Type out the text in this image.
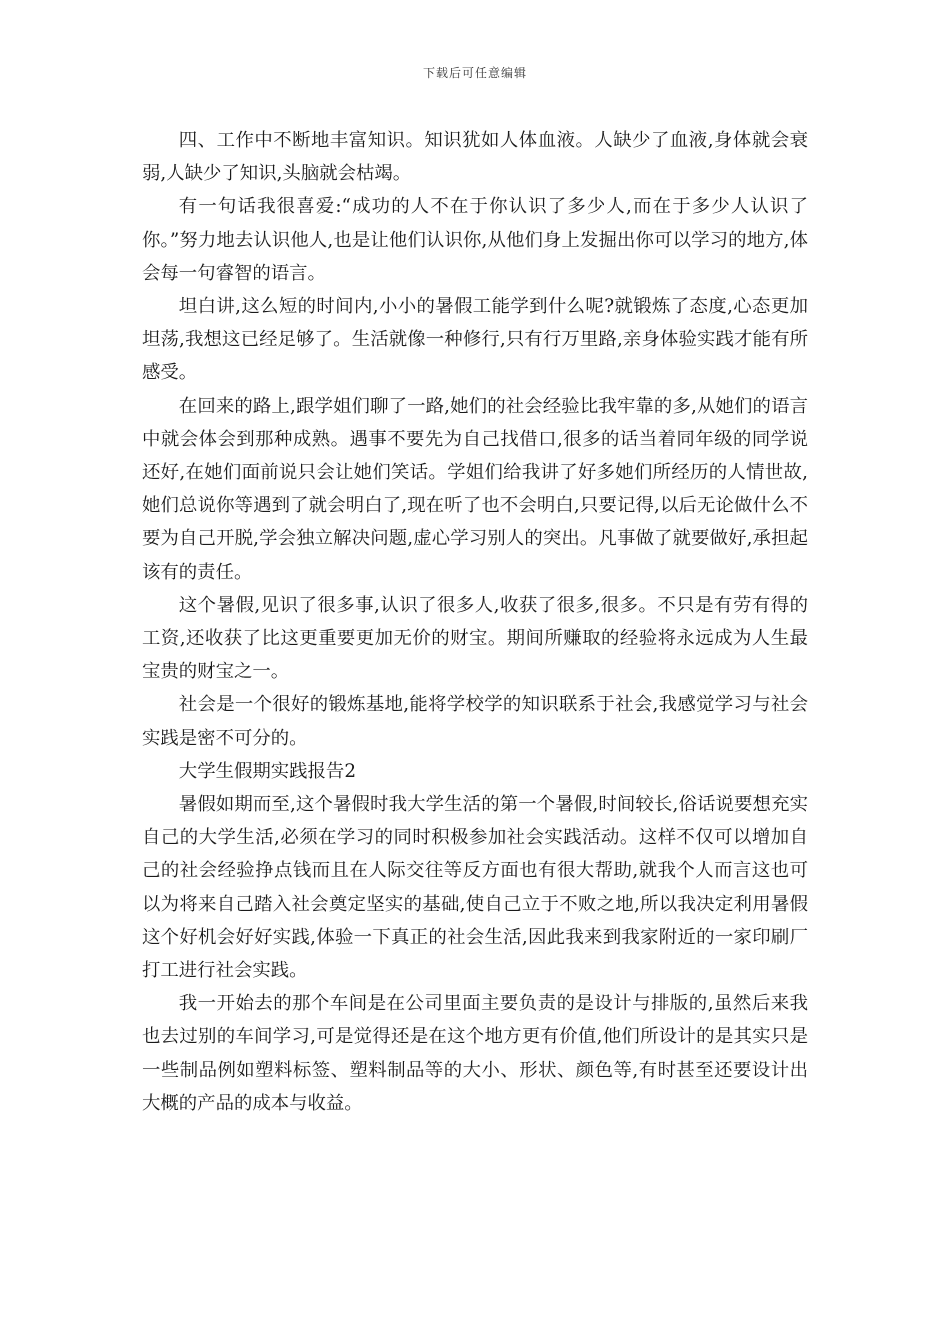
下载后可任意编辑

四、工作中不断地丰富知识。知识犹如人体血液。人缺少了血液,身体就会衰弱,人缺少了知识,头脑就会枯竭。

有一句话我很喜爱:“成功的人不在于你认识了多少人,而在于多少人认识了你。”努力地去认识他人,也是让他们认识你,从他们身上发掘出你可以学习的地方,体会每一句睿智的语言。

坦白讲,这么短的时间内,小小的暑假工能学到什么呢?就锻炼了态度,心态更加坦荡,我想这已经足够了。生活就像一种修行,只有行万里路,亲身体验实践才能有所感受。

在回来的路上,跟学姐们聊了一路,她们的社会经验比我牢靠的多,从她们的语言中就会体会到那种成熟。遇事不要先为自己找借口,很多的话当着同年级的同学说还好,在她们面前说只会让她们笑话。学姐们给我讲了好多她们所经历的人情世故,她们总说你等遇到了就会明白了,现在听了也不会明白,只要记得,以后无论做什么不要为自己开脱,学会独立解决问题,虚心学习别人的突出。凡事做了就要做好,承担起该有的责任。

这个暑假,见识了很多事,认识了很多人,收获了很多,很多。不只是有劳有得的工资,还收获了比这更重要更加无价的财宝。期间所赚取的经验将永远成为人生最宝贵的财宝之一。

社会是一个很好的锻炼基地,能将学校学的知识联系于社会,我感觉学习与社会实践是密不可分的。

大学生假期实践报告2

暑假如期而至,这个暑假时我大学生活的第一个暑假,时间较长,俗话说要想充实自己的大学生活,必须在学习的同时积极参加社会实践活动。这样不仅可以增加自己的社会经验挣点钱而且在人际交往等反方面也有很大帮助,就我个人而言这也可以为将来自己踏入社会奠定坚实的基础,使自己立于不败之地,所以我决定利用暑假这个好机会好好实践,体验一下真正的社会生活,因此我来到我家附近的一家印刷厂打工进行社会实践。

我一开始去的那个车间是在公司里面主要负责的是设计与排版的,虽然后来我也去过别的车间学习,可是觉得还是在这个地方更有价值,他们所设计的是其实只是一些制品例如塑料标签、塑料制品等的大小、形状、颜色等,有时甚至还要设计出大概的产品的成本与收益。
